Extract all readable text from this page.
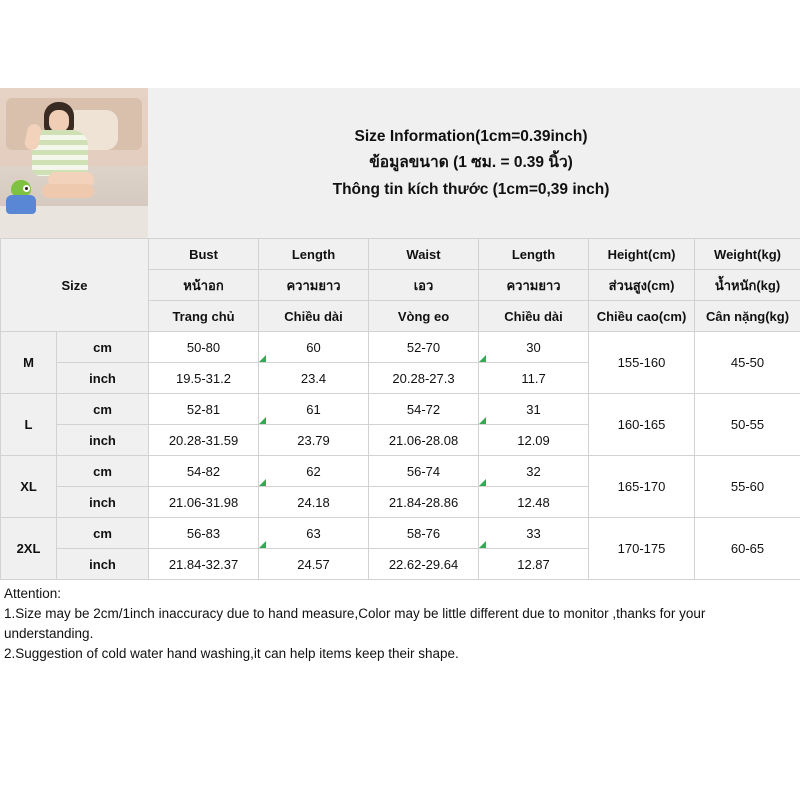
Size Information(1cm=0.39inch)
ข้อมูลขนาด (1 ซม. = 0.39 นิ้ว)
Thông tin kích thước (1cm=0,39 inch)
Size		Bust	Length	Waist	Length	Height(cm)	Weight(kg)
		หน้าอก	ความยาว	เอว	ความยาว	ส่วนสูง(cm)	น้ำหนัก(kg)
		Trang chủ	Chiều dài	Vòng eo	Chiều dài	Chiều cao(cm)	Cân nặng(kg)
M	cm	50-80	60	52-70	30	155-160	45-50
	inch	19.5-31.2	23.4	20.28-27.3	11.7		
L	cm	52-81	61	54-72	31	160-165	50-55
	inch	20.28-31.59	23.79	21.06-28.08	12.09		
XL	cm	54-82	62	56-74	32	165-170	55-60
	inch	21.06-31.98	24.18	21.84-28.86	12.48		
2XL	cm	56-83	63	58-76	33	170-175	60-65
	inch	21.84-32.37	24.57	22.62-29.64	12.87		

Attention:

1.Size may be 2cm/1inch inaccuracy due to hand measure,Color may be little different due to monitor ,thanks for your

understanding.

2.Suggestion of cold water hand washing,it can help items keep their shape.
